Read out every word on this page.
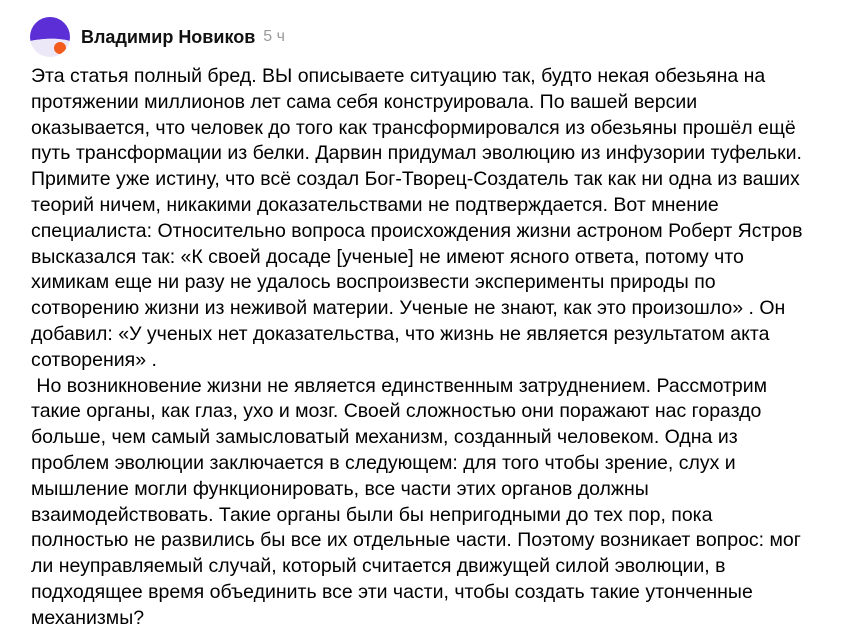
Владимир Новиков 5 ч
Эта статья полный бред. ВЫ описываете ситуацию так, будто некая обезьяна на
протяжении миллионов лет сама себя конструировала. По вашей версии
оказывается, что человек до того как трансформировался из обезьяны прошёл ещё
путь трансформации из белки. Дарвин придумал эволюцию из инфузории туфельки.
Примите уже истину, что всё создал Бог-Творец-Создатель так как ни одна из ваших
теорий ничем, никакими доказательствами не подтверждается. Вот мнение
специалиста: Относительно вопроса происхождения жизни астроном Роберт Ястров
высказался так: «К своей досаде [ученые] не имеют ясного ответа, потому что
химикам еще ни разу не удалось воспроизвести эксперименты природы по
сотворению жизни из неживой материи. Ученые не знают, как это произошло» . Он
добавил: «У ученых нет доказательства, что жизнь не является результатом акта
сотворения» .
Но возникновение жизни не является единственным затруднением. Рассмотрим
такие органы, как глаз, ухо и мозг. Своей сложностью они поражают нас гораздо
больше, чем самый замысловатый механизм, созданный человеком. Одна из
проблем эволюции заключается в следующем: для того чтобы зрение, слух и
мышление могли функционировать, все части этих органов должны
взаимодействовать. Такие органы были бы непригодными до тех пор, пока
полностью не развились бы все их отдельные части. Поэтому возникает вопрос: мог
ли неуправляемый случай, который считается движущей силой эволюции, в
подходящее время объединить все эти части, чтобы создать такие утонченные
механизмы?
